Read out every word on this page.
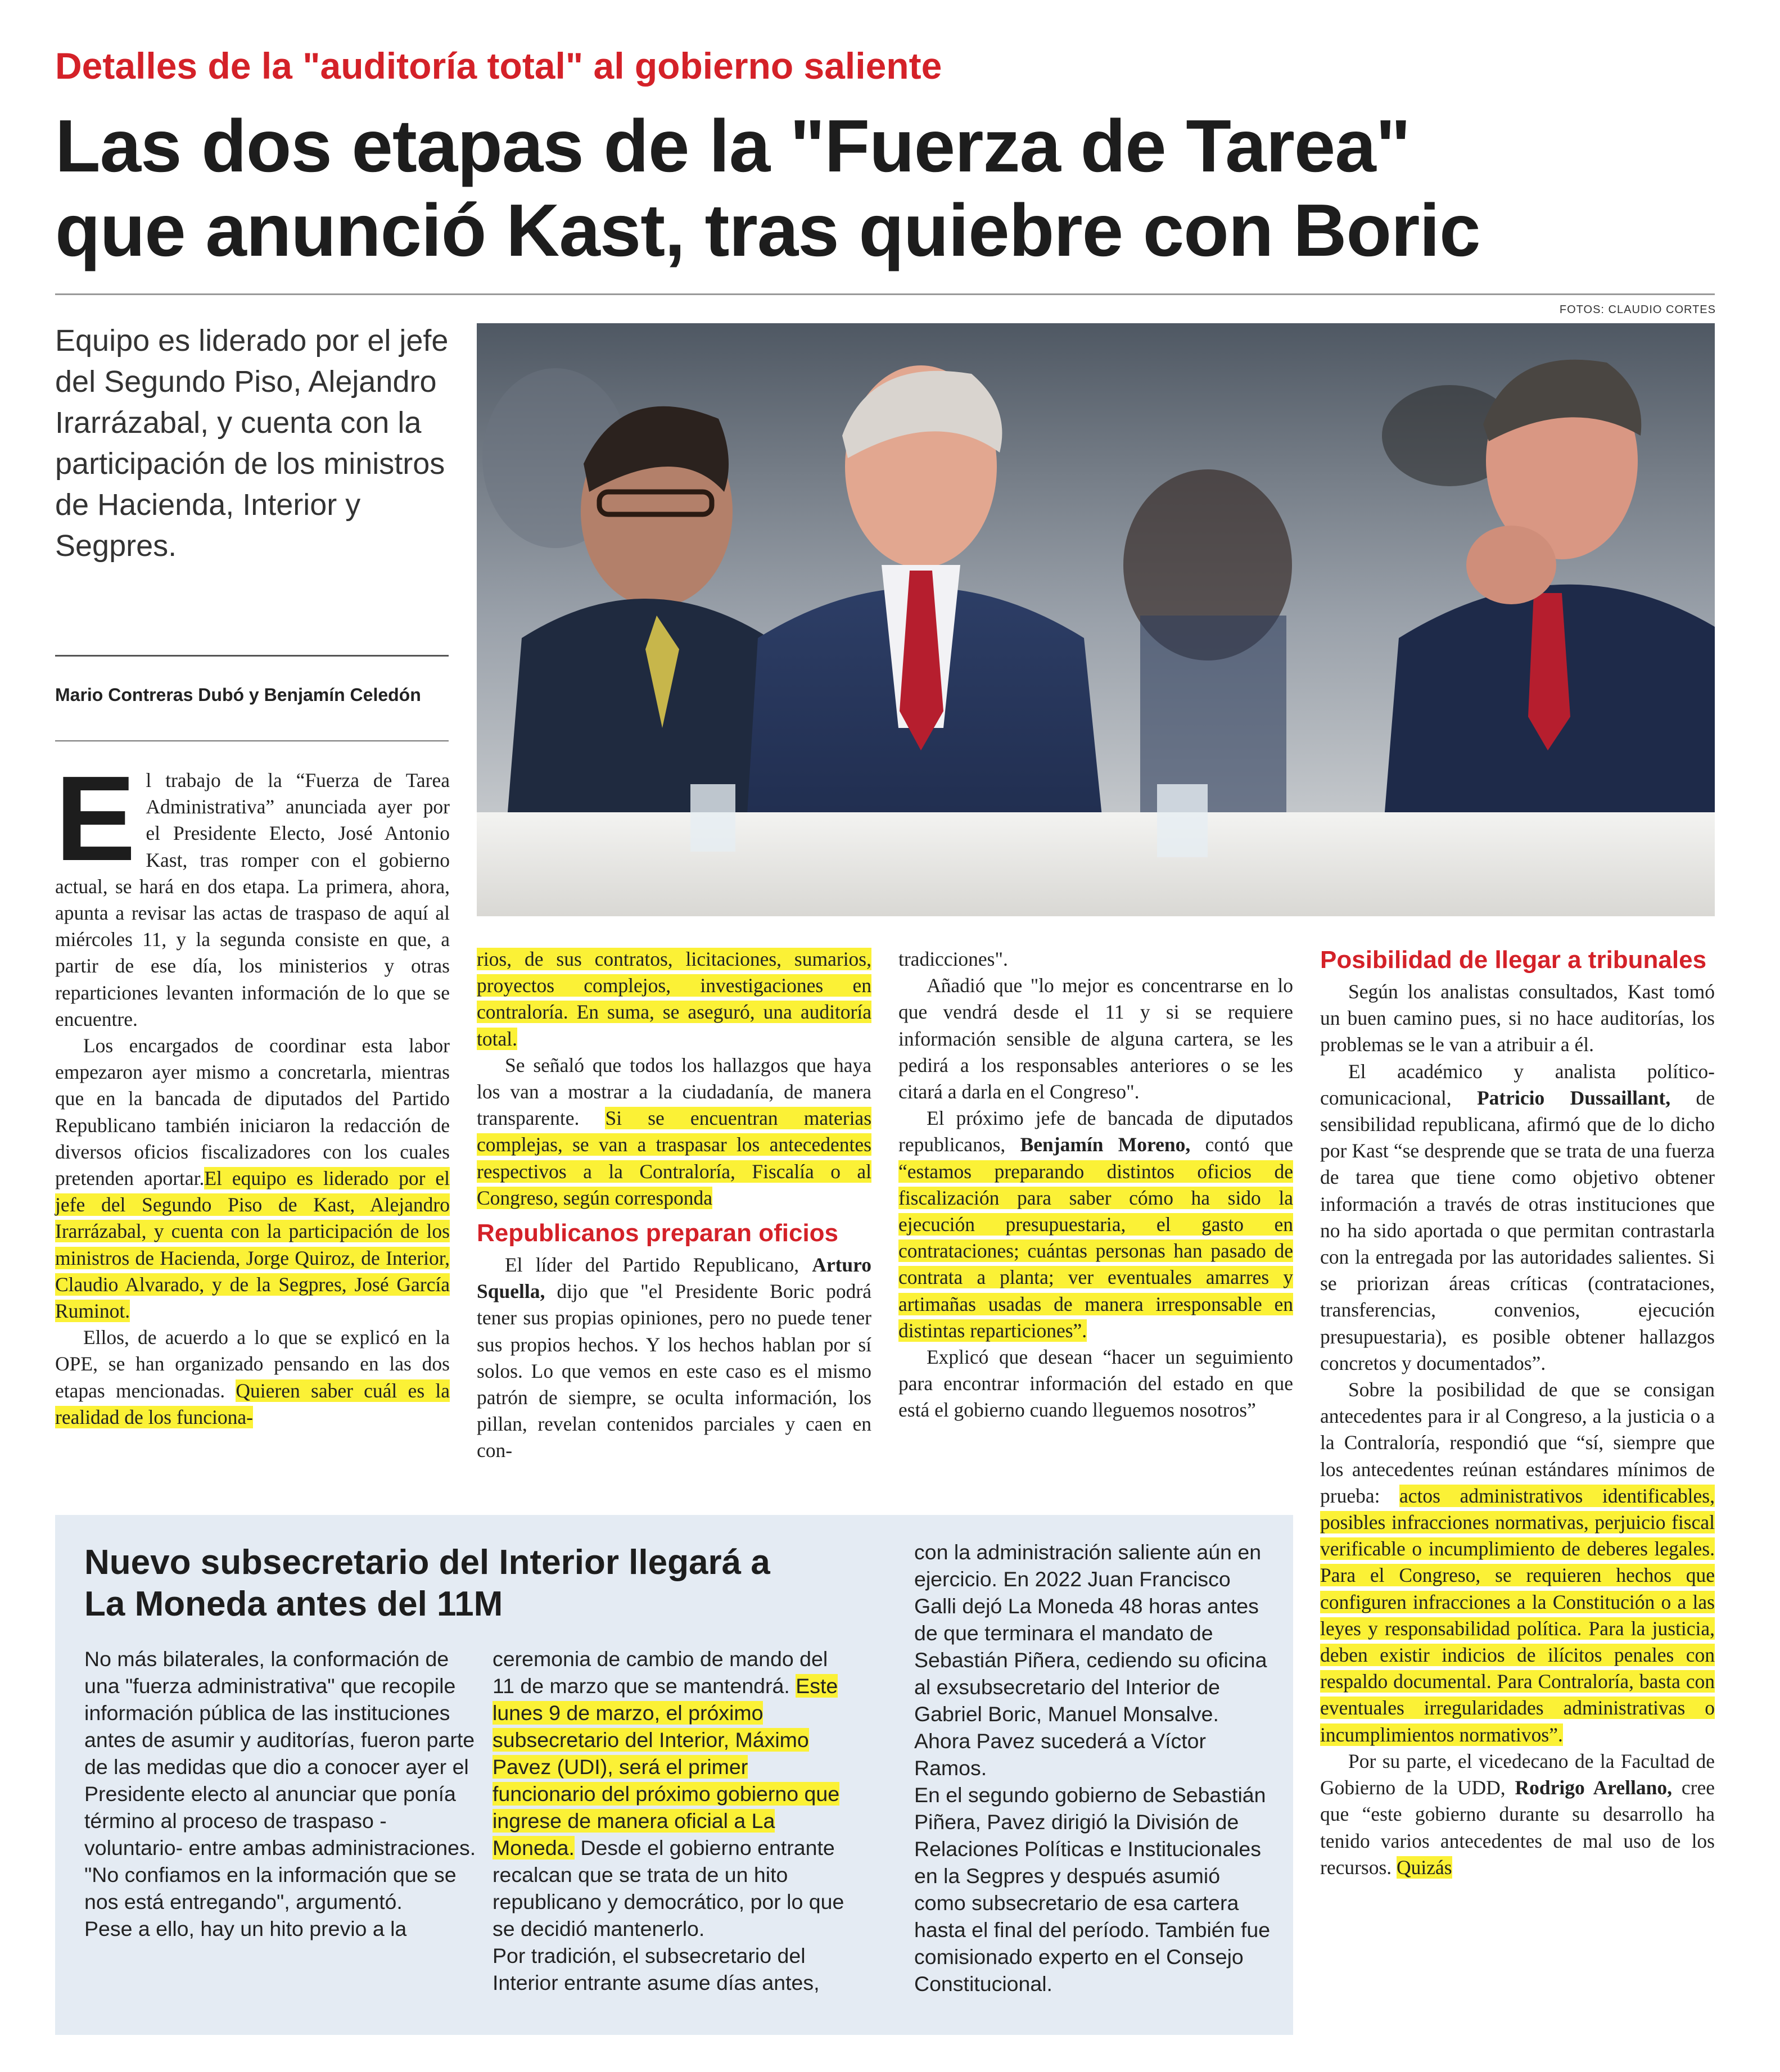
Detalles de la "auditoría total" al gobierno saliente
Las dos etapas de la "Fuerza de Tarea"
que anunció Kast, tras quiebre con Boric
FOTOS: CLAUDIO CORTES
Equipo es liderado por el jefe del Segundo Piso, Alejandro Irarrázabal, y cuenta con la participación de los ministros de Hacienda, Interior y Segpres.
Mario Contreras Dubó y Benjamín Celedón
E l trabajo de la “Fuerza de Tarea Administrativa” anunciada ayer por el Presidente Electo, José Antonio Kast, tras romper con el gobierno actual, se hará en dos etapa. La primera, ahora, apunta a revisar las actas de traspaso de aquí al miércoles 11, y la segunda consiste en que, a partir de ese día, los ministerios y otras reparticiones levanten información de lo que se encuentre.

Los encargados de coordinar esta labor empezaron ayer mismo a concretarla, mientras que en la bancada de diputados del Partido Republicano también iniciaron la redacción de diversos oficios fiscalizadores con los cuales pretenden aportar.El equipo es liderado por el jefe del Segundo Piso de Kast, Alejandro Irarrázabal, y cuenta con la participación de los ministros de Hacienda, Jorge Quiroz, de Interior, Claudio Alvarado, y de la Segpres, José García Ruminot.

Ellos, de acuerdo a lo que se explicó en la OPE, se han organizado pensando en las dos etapas mencionadas. Quieren saber cuál es la realidad de los funciona-

rios, de sus contratos, licitaciones, sumarios, proyectos complejos, investigaciones en contraloría. En suma, se aseguró, una auditoría total.

Se señaló que todos los hallazgos que haya los van a mostrar a la ciudadanía, de manera transparente. Si se encuentran materias complejas, se van a traspasar los antecedentes respectivos a la Contraloría, Fiscalía o al Congreso, según corresponda

Republicanos preparan oficios

El líder del Partido Republicano, Arturo Squella, dijo que "el Presidente Boric podrá tener sus propias opiniones, pero no puede tener sus propios hechos. Y los hechos hablan por sí solos. Lo que vemos en este caso es el mismo patrón de siempre, se oculta información, los pillan, revelan contenidos parciales y caen en con-

tradicciones".

Añadió que "lo mejor es concentrarse en lo que vendrá desde el 11 y si se requiere información sensible de alguna cartera, se les pedirá a los responsables anteriores o se les citará a darla en el Congreso".

El próximo jefe de bancada de diputados republicanos, Benjamín Moreno, contó que “estamos preparando distintos oficios de fiscalización para saber cómo ha sido la ejecución presupuestaria, el gasto en contrataciones; cuántas personas han pasado de contrata a planta; ver eventuales amarres y artimañas usadas de manera irresponsable en distintas reparticiones”.

Explicó que desean “hacer un seguimiento para encontrar información del estado en que está el gobierno cuando lleguemos nosotros”

Posibilidad de llegar a tribunales

Según los analistas consultados, Kast tomó un buen camino pues, si no hace auditorías, los problemas se le van a atribuir a él.

El académico y analista político-comunicacional, Patricio Dussaillant, de sensibilidad republicana, afirmó que de lo dicho por Kast “se desprende que se trata de una fuerza de tarea que tiene como objetivo obtener información a través de otras instituciones que no ha sido aportada o que permitan contrastarla con la entregada por las autoridades salientes. Si se priorizan áreas críticas (contrataciones, transferencias, convenios, ejecución presupuestaria), es posible obtener hallazgos concretos y documentados”.

Sobre la posibilidad de que se consigan antecedentes para ir al Congreso, a la justicia o a la Contraloría, respondió que “sí, siempre que los antecedentes reúnan estándares mínimos de prueba: actos administrativos identificables, posibles infracciones normativas, perjuicio fiscal verificable o incumplimiento de deberes legales. Para el Congreso, se requieren hechos que configuren infracciones a la Constitución o a las leyes y responsabilidad política. Para la justicia, deben existir indicios de ilícitos penales con respaldo documental. Para Contraloría, basta con eventuales irregularidades administrativas o incumplimientos normativos”.

Por su parte, el vicedecano de la Facultad de Gobierno de la UDD, Rodrigo Arellano, cree que “este gobierno durante su desarrollo ha tenido varios antecedentes de mal uso de los recursos. Quizás

Nuevo subsecretario del Interior llegará a
La Moneda antes del 11M

No más bilaterales, la conformación de una "fuerza administrativa" que recopile información pública de las instituciones antes de asumir y auditorías, fueron parte de las medidas que dio a conocer ayer el Presidente electo al anunciar que ponía término al proceso de traspaso -voluntario- entre ambas administraciones. "No confiamos en la información que se nos está entregando", argumentó.

Pese a ello, hay un hito previo a la

ceremonia de cambio de mando del 11 de marzo que se mantendrá. Este lunes 9 de marzo, el próximo subsecretario del Interior, Máximo Pavez (UDI), será el primer funcionario del próximo gobierno que ingrese de manera oficial a La Moneda. Desde el gobierno entrante recalcan que se trata de un hito republicano y democrático, por lo que se decidió mantenerlo.

Por tradición, el subsecretario del Interior entrante asume días antes,

con la administración saliente aún en ejercicio. En 2022 Juan Francisco Galli dejó La Moneda 48 horas antes de que terminara el mandato de Sebastián Piñera, cediendo su oficina al exsubsecretario del Interior de Gabriel Boric, Manuel Monsalve. Ahora Pavez sucederá a Víctor Ramos.

En el segundo gobierno de Sebastián Piñera, Pavez dirigió la División de Relaciones Políticas e Institucionales en la Segpres y después asumió como subsecretario de esa cartera hasta el final del período. También fue comisionado experto en el Consejo Constitucional.
